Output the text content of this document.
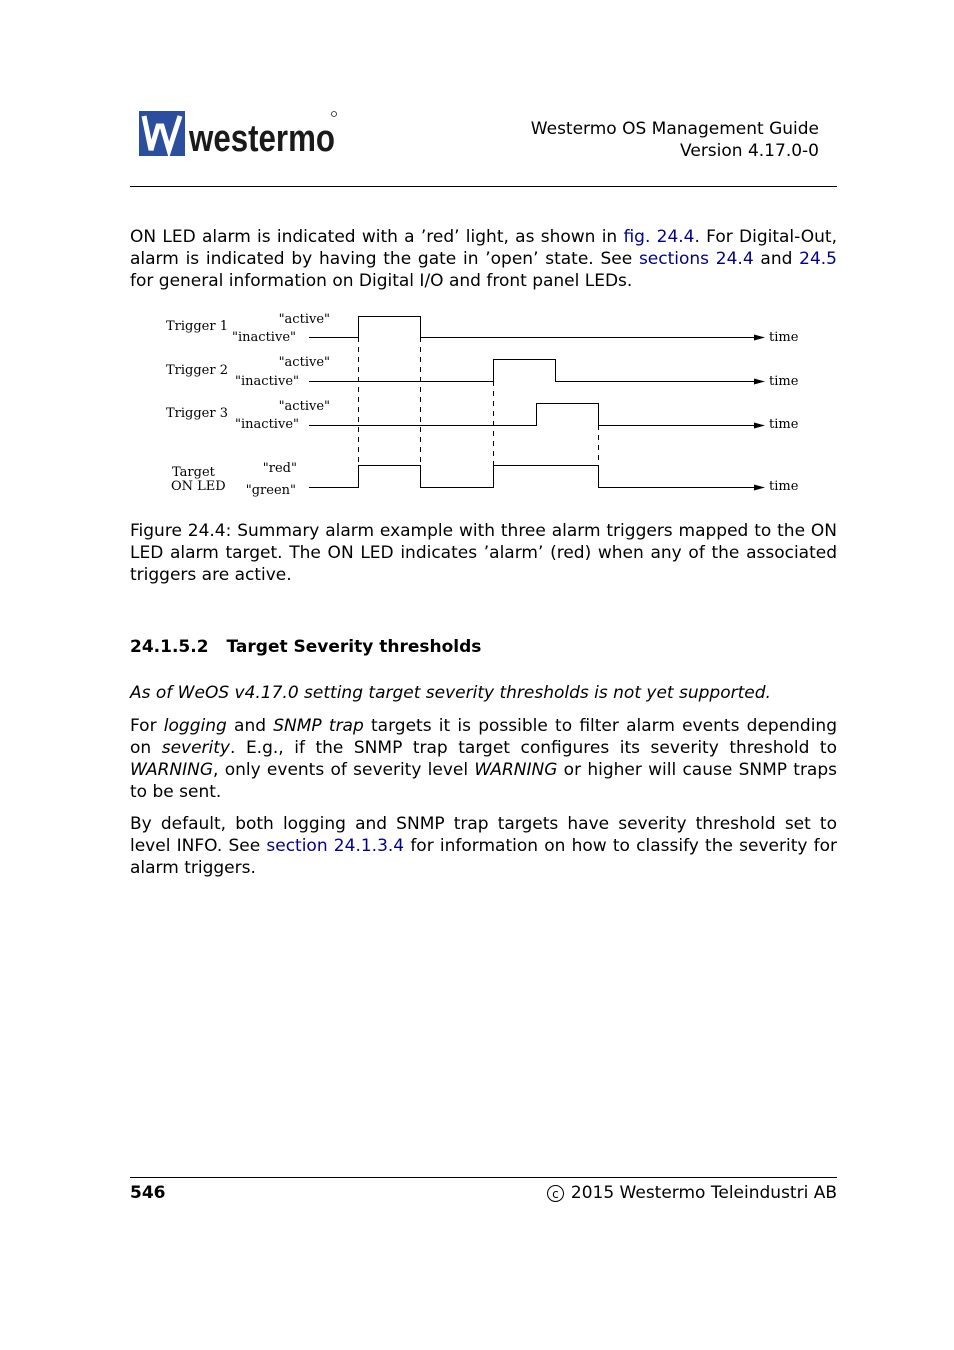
westermo	Westermo OS Management Guide
Version 4.17.0-0
ON LED alarm is indicated with a ’red’ light, as shown in fig. 24.4. For Digital-Out, alarm is indicated by having the gate in ’open’ state. See sections 24.4 and 24.5 for general information on Digital I/O and front panel LEDs.
Trigger 1
Trigger 2
Trigger 3
Target
ON LED
"active"
"inactive"
"active"
"inactive"
"active"
"inactive"
"red"
"green"
time
time
time
time
Figure 24.4: Summary alarm example with three alarm triggers mapped to the ON LED alarm target. The ON LED indicates ’alarm’ (red) when any of the associated triggers are active.
24.1.5.2 Target Severity thresholds
As of WeOS v4.17.0 setting target severity thresholds is not yet supported.
For logging and SNMP trap targets it is possible to filter alarm events depending on severity. E.g., if the SNMP trap target configures its severity threshold to WARNING, only events of severity level WARNING or higher will cause SNMP traps to be sent.
By default, both logging and SNMP trap targets have severity threshold set to level INFO. See section 24.1.3.4 for information on how to classify the severity for alarm triggers.
546	c 2015 Westermo Teleindustri AB
